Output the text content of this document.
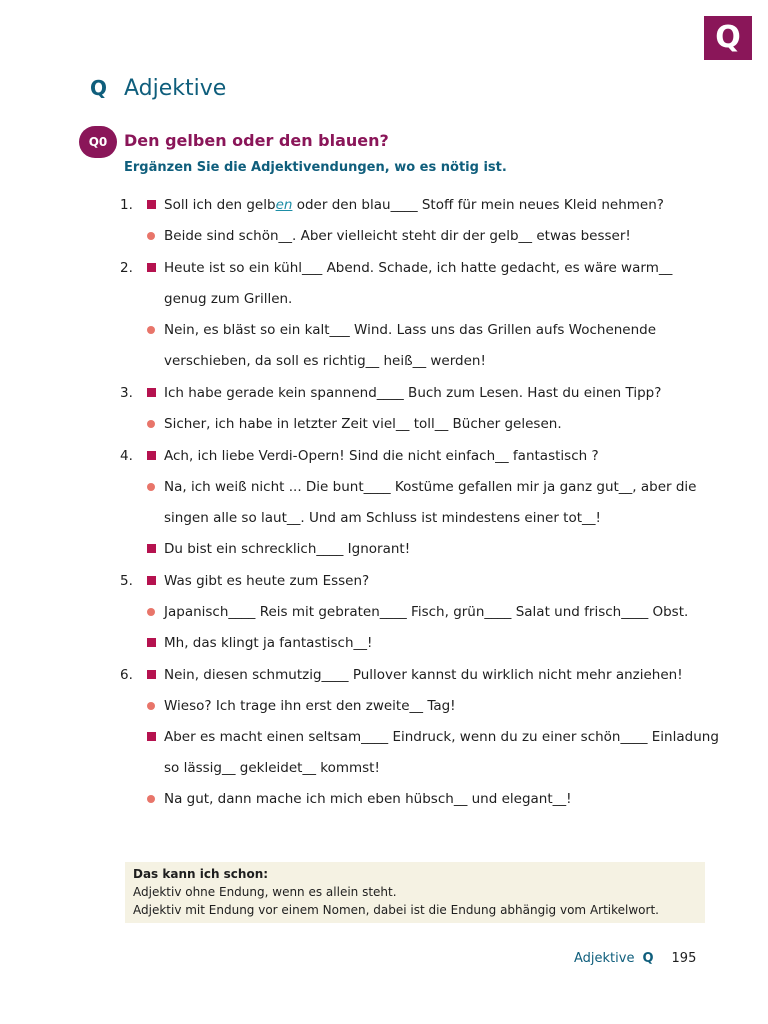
Q
Q Adjektive
Q0	Den gelben oder den blauen?
Ergänzen Sie die Adjektivendungen, wo es nötig ist.
1.	Soll ich den gelben oder den blau____ Stoff für mein neues Kleid nehmen?
Beide sind schön__. Aber vielleicht steht dir der gelb__ etwas besser!
2.	Heute ist so ein kühl___ Abend. Schade, ich hatte gedacht, es wäre warm__
genug zum Grillen.
Nein, es bläst so ein kalt___ Wind. Lass uns das Grillen aufs Wochenende
verschieben, da soll es richtig__ heiß__ werden!
3.	Ich habe gerade kein spannend____ Buch zum Lesen. Hast du einen Tipp?
Sicher, ich habe in letzter Zeit viel__ toll__ Bücher gelesen.
4.	Ach, ich liebe Verdi-Opern! Sind die nicht einfach__ fantastisch ?
Na, ich weiß nicht ... Die bunt____ Kostüme gefallen mir ja ganz gut__, aber die
singen alle so laut__. Und am Schluss ist mindestens einer tot__!
Du bist ein schrecklich____ Ignorant!
5.	Was gibt es heute zum Essen?
Japanisch____ Reis mit gebraten____ Fisch, grün____ Salat und frisch____ Obst.
Mh, das klingt ja fantastisch__!
6.	Nein, diesen schmutzig____ Pullover kannst du wirklich nicht mehr anziehen!
Wieso? Ich trage ihn erst den zweite__ Tag!
Aber es macht einen seltsam____ Eindruck, wenn du zu einer schön____ Einladung
so lässig__ gekleidet__ kommst!
Na gut, dann mache ich mich eben hübsch__ und elegant__!
Das kann ich schon:
Adjektiv ohne Endung, wenn es allein steht.
Adjektiv mit Endung vor einem Nomen, dabei ist die Endung abhängig vom Artikelwort.
Adjektive Q 195
